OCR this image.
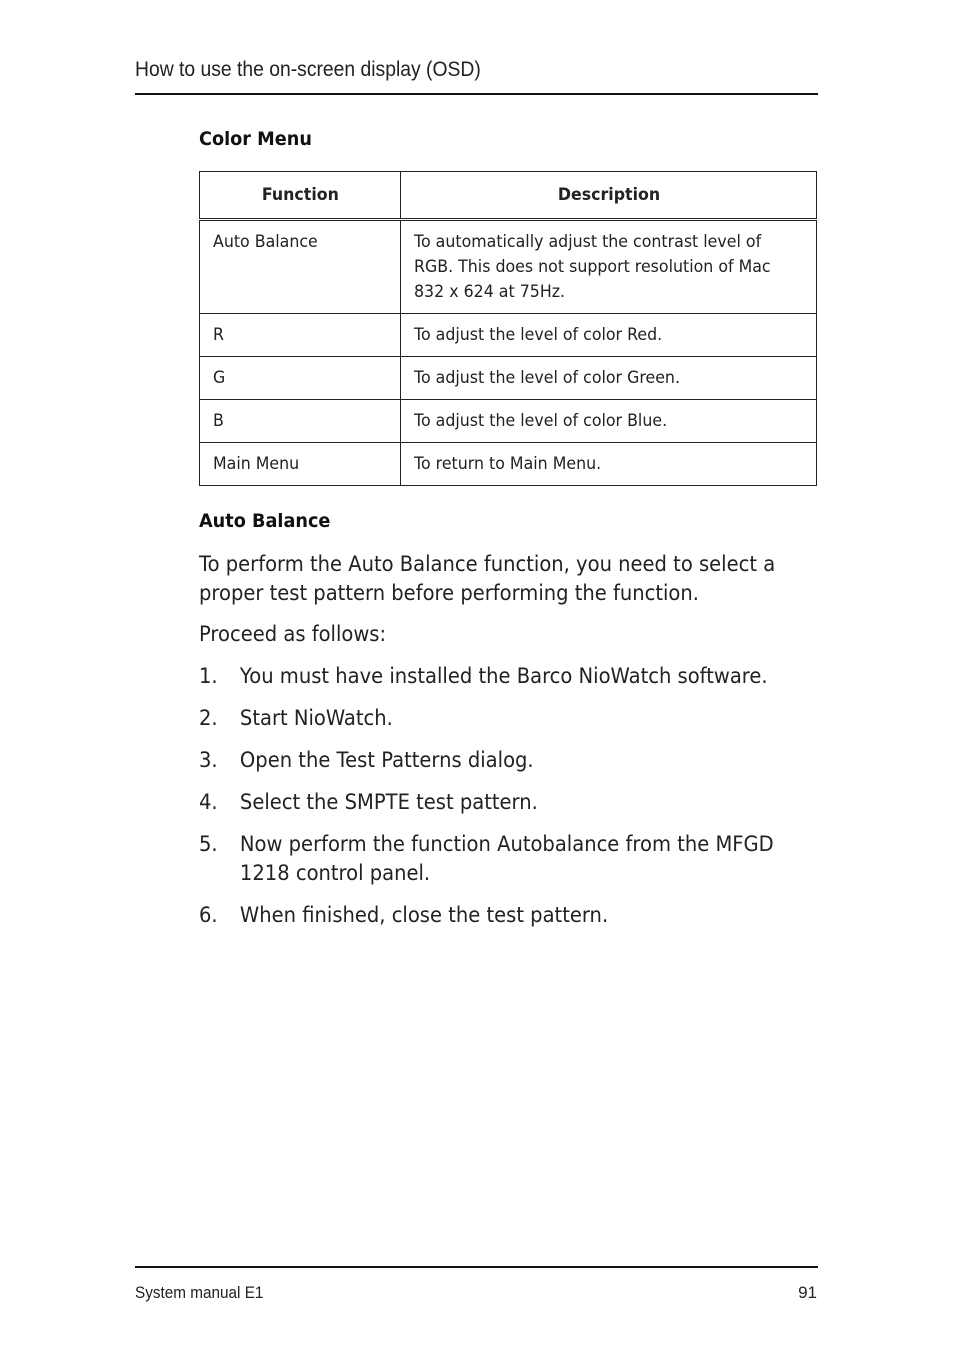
How to use the on-screen display (OSD)
Color Menu
Function	Description
Auto Balance	To automatically adjust the contrast level of RGB. This does not support resolution of Mac 832 x 624 at 75Hz.
R	To adjust the level of color Red.
G	To adjust the level of color Green.
B	To adjust the level of color Blue.
Main Menu	To return to Main Menu.
Auto Balance
To perform the Auto Balance function, you need to select a proper test pattern before performing the function.
Proceed as follows:
1. You must have installed the Barco NioWatch software.
2. Start NioWatch.
3. Open the Test Patterns dialog.
4. Select the SMPTE test pattern.
5. Now perform the function Autobalance from the MFGD 1218 control panel.
6. When finished, close the test pattern.
System manual E1	91
